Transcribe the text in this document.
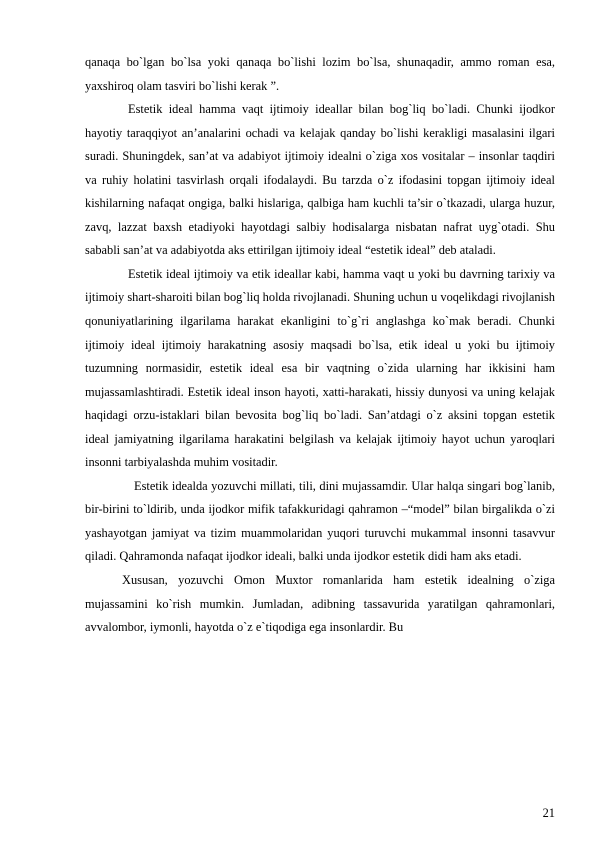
qanaqa bo`lgan bo`lsa yoki qanaqa bo`lishi lozim bo`lsa, shunaqadir, ammo roman esa, yaxshiroq olam tasviri bo`lishi kerak ”.

Estetik ideal hamma vaqt ijtimoiy ideallar bilan bog`liq bo`ladi. Chunki ijodkor hayotiy taraqqiyot an’analarini ochadi va kelajak qanday bo`lishi kerakligi masalasini ilgari suradi. Shuningdek, san’at va adabiyot ijtimoiy idealni o`ziga xos vositalar – insonlar taqdiri va ruhiy holatini tasvirlash orqali ifodalaydi. Bu tarzda o`z ifodasini topgan ijtimoiy ideal kishilarning nafaqat ongiga, balki hislariga, qalbiga ham kuchli ta’sir o`tkazadi, ularga huzur, zavq, lazzat baxsh etadiyoki hayotdagi salbiy hodisalarga nisbatan nafrat uyg`otadi. Shu sababli san’at va adabiyotda aks ettirilgan ijtimoiy ideal “estetik ideal” deb ataladi.

Estetik ideal ijtimoiy va etik ideallar kabi, hamma vaqt u yoki bu davrning tarixiy va ijtimoiy shart-sharoiti bilan bog`liq holda rivojlanadi. Shuning uchun u voqelikdagi rivojlanish qonuniyatlarining ilgarilama harakat ekanligini to`g`ri anglashga ko`mak beradi. Chunki ijtimoiy ideal ijtimoiy harakatning asosiy maqsadi bo`lsa, etik ideal u yoki bu ijtimoiy tuzumning normasidir, estetik ideal esa bir vaqtning o`zida ularning har ikkisini ham mujassamlashtiradi. Estetik ideal inson hayoti, xatti-harakati, hissiy dunyosi va uning kelajak haqidagi orzu-istaklari bilan bevosita bog`liq bo`ladi. San’atdagi o`z aksini topgan estetik ideal jamiyatning ilgarilama harakatini belgilash va kelajak ijtimoiy hayot uchun yaroqlari insonni tarbiyalashda muhim vositadir.

Estetik idealda yozuvchi millati, tili, dini mujassamdir. Ular halqa singari bog`lanib, bir-birini to`ldirib, unda ijodkor mifik tafakkuridagi qahramon –“model” bilan birgalikda o`zi yashayotgan jamiyat va tizim muammolaridan yuqori turuvchi mukammal insonni tasavvur qiladi. Qahramonda nafaqat ijodkor ideali, balki unda ijodkor estetik didi ham aks etadi.

Xususan, yozuvchi Omon Muxtor romanlarida ham estetik idealning o`ziga mujassamini ko`rish mumkin. Jumladan, adibning tassavurida yaratilgan qahramonlari, avvalombor, iymonli, hayotda o`z e`tiqodiga ega insonlardir. Bu

21
